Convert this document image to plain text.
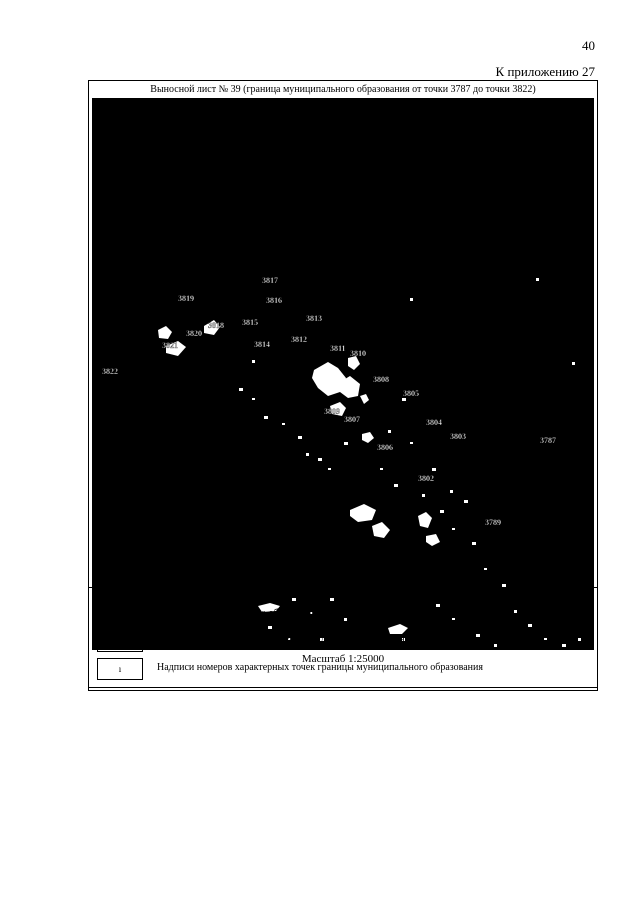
40
К приложению 27
Выносной лист № 39 (граница муниципального образования от точки 3787 до точки 3822)
3822
3821
3820
3819
3818
3817
3816
3815
3814
3813
3812
3811
3810
3808
3807
3809
3805
3806
3804
3803
3802
3787
3789
Масштаб 1:25000
Условные обозначения:
Граница муниципального образования
Характерная точка границы муниципального образования
ı	Надписи номеров характерных точек границы муниципального образования
